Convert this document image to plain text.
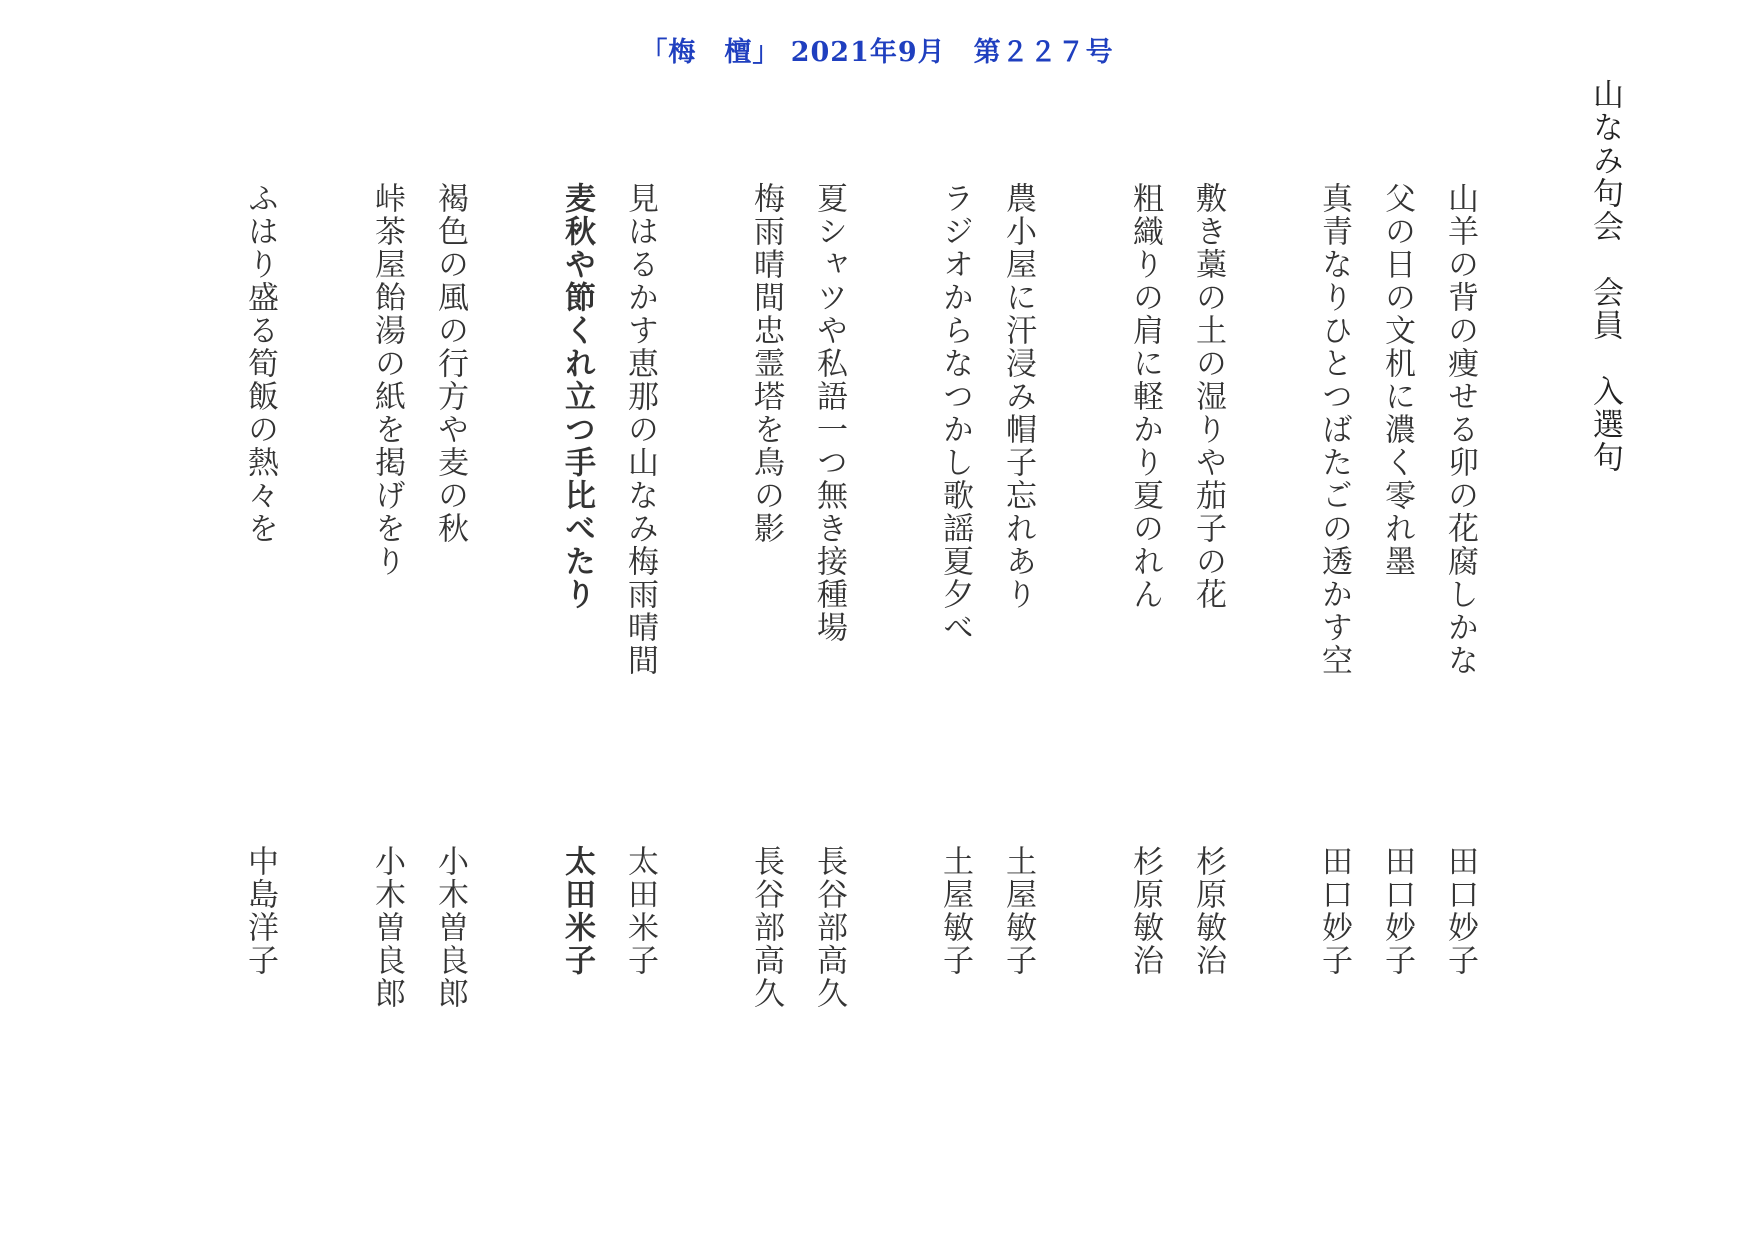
「梅　檀」 2021年9月　第２２７号
山なみ句会　会員　入選句
山羊の背の痩せる卯の花腐しかな
田口妙子
父の日の文机に濃く零れ墨
田口妙子
真青なりひとつばたごの透かす空
田口妙子
敷き藁の土の湿りや茄子の花
杉原敏治
粗織りの肩に軽かり夏のれん
杉原敏治
農小屋に汗浸み帽子忘れあり
土屋敏子
ラジオからなつかし歌謡夏夕べ
土屋敏子
夏シャツや私語一つ無き接種場
長谷部高久
梅雨晴間忠霊塔を鳥の影
長谷部高久
見はるかす恵那の山なみ梅雨晴間
太田米子
麦秋や節くれ立つ手比べたり
太田米子
褐色の風の行方や麦の秋
小木曽良郎
峠茶屋飴湯の紙を掲げをり
小木曽良郎
ふはり盛る筍飯の熱々を
中島洋子
